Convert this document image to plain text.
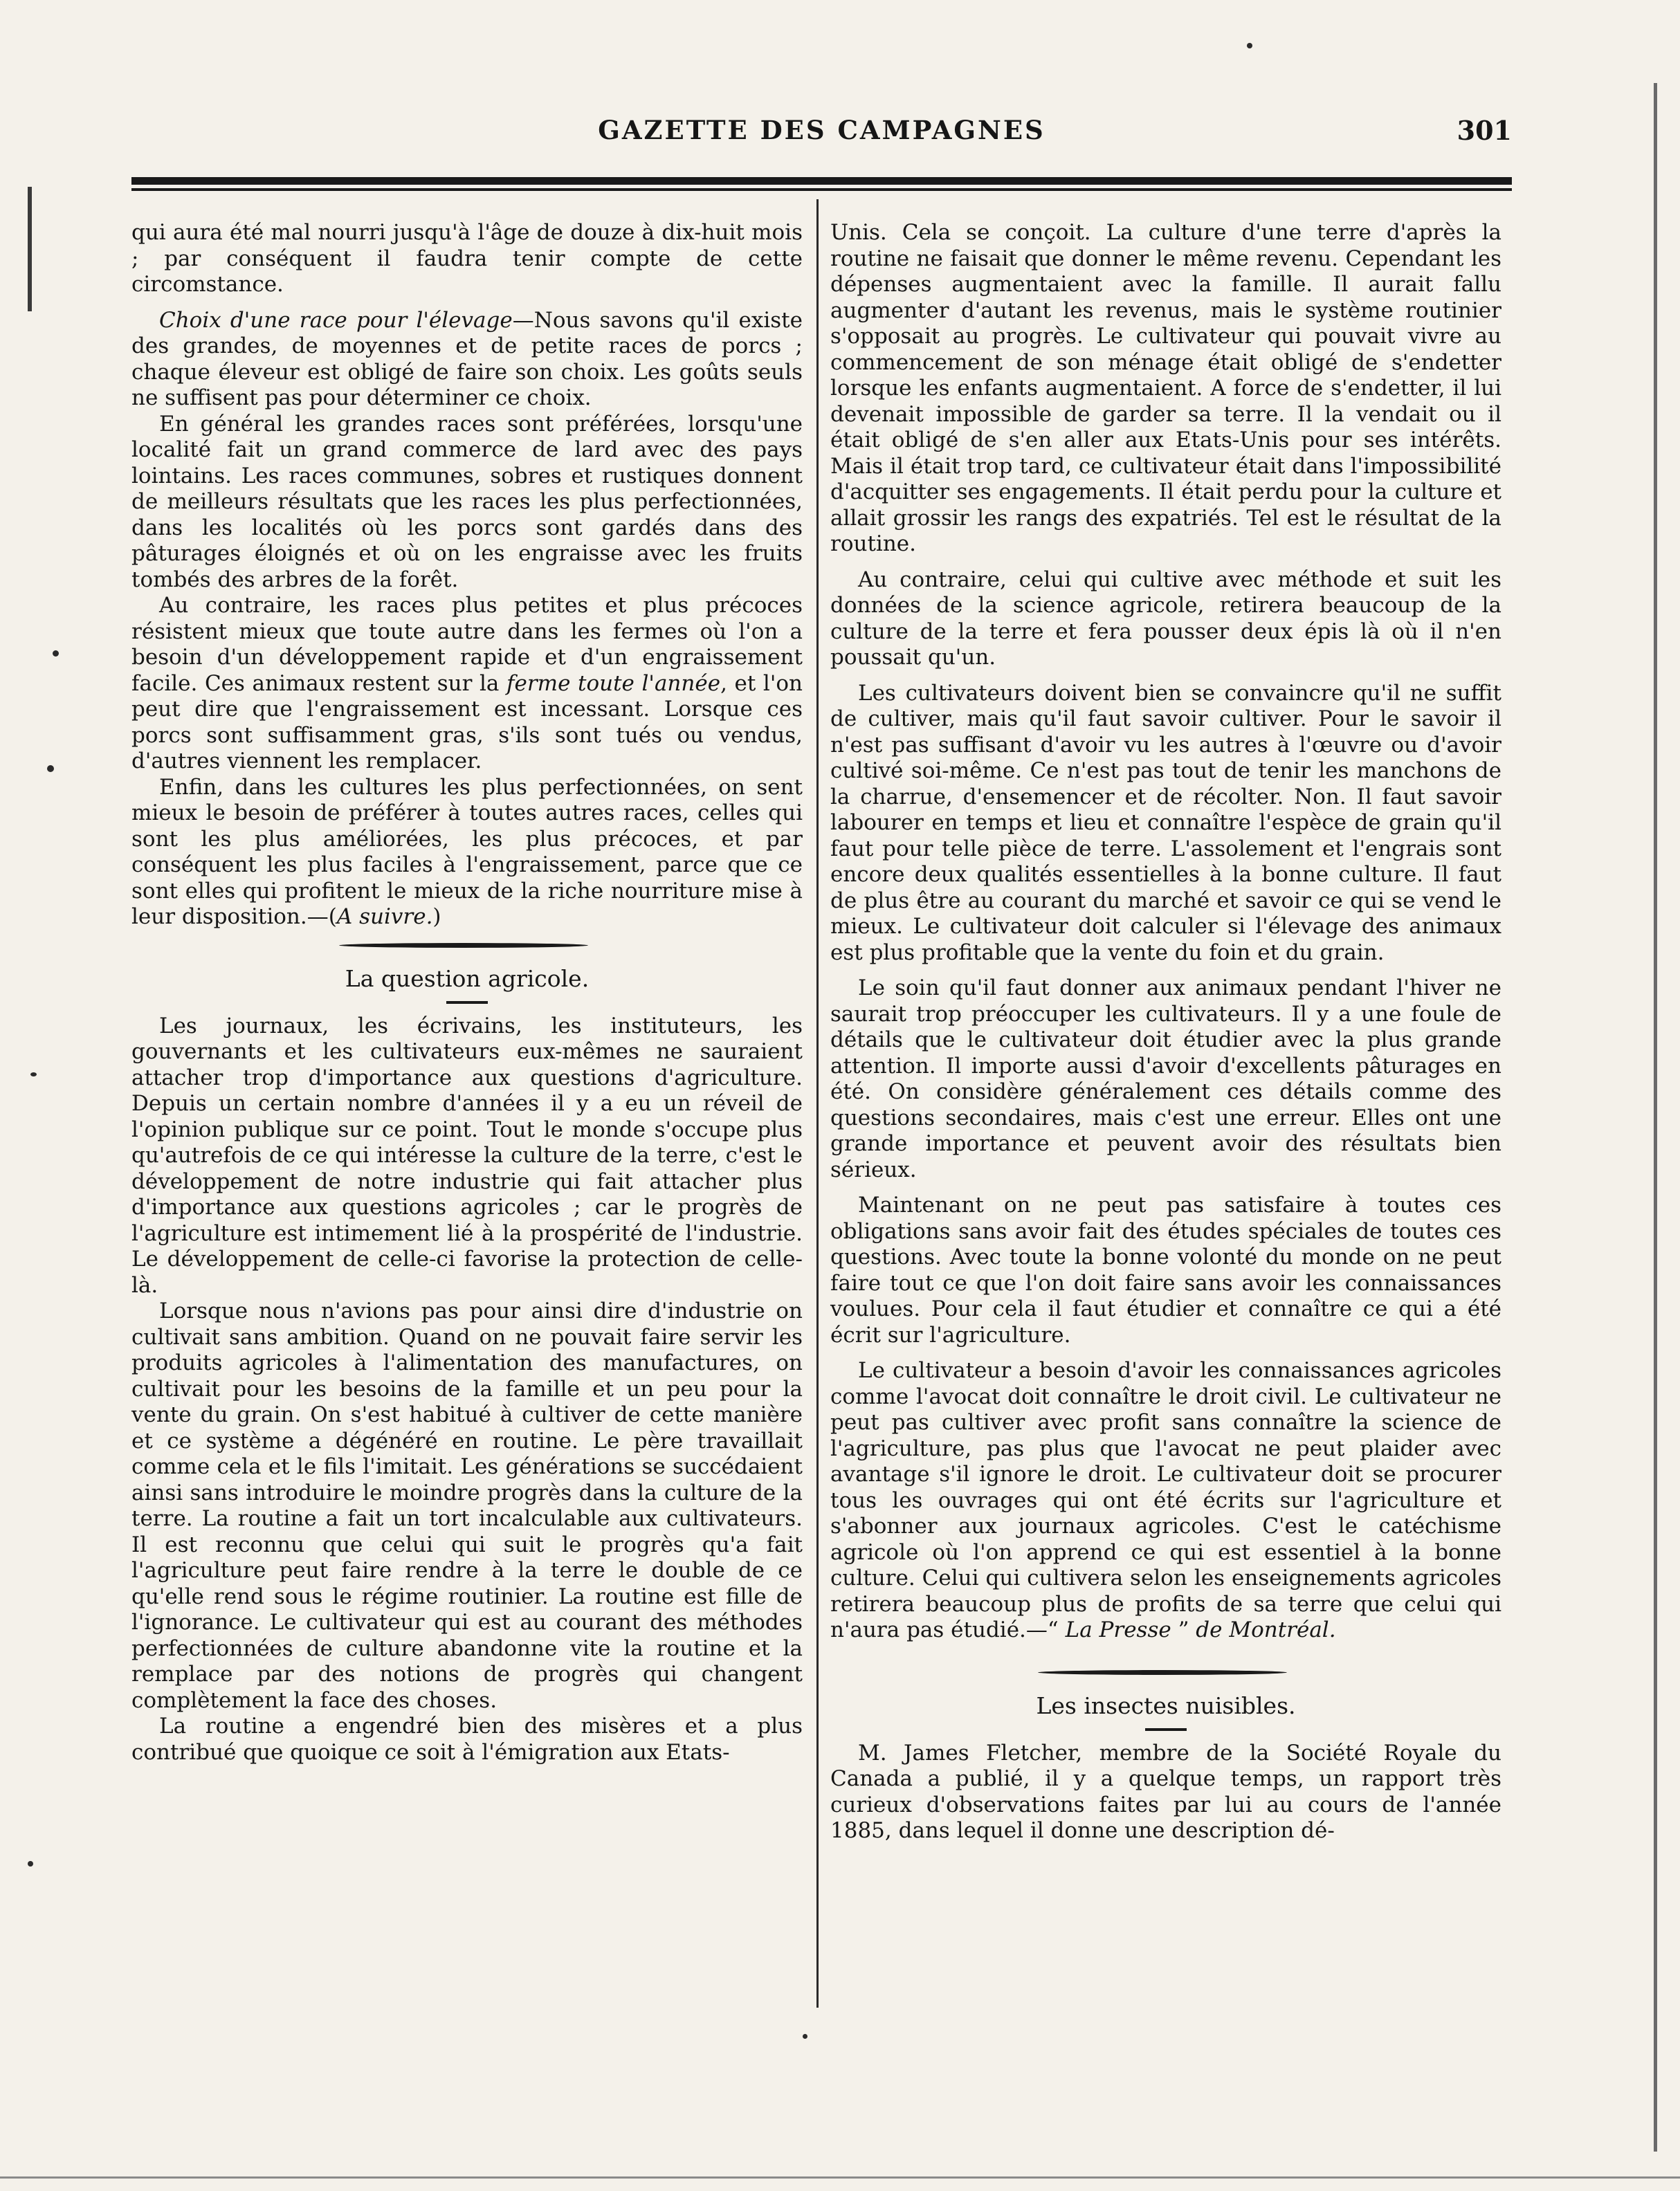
GAZETTE DES CAMPAGNES	301

qui aura été mal nourri jusqu'à l'âge de douze à dix-huit mois ; par conséquent il faudra tenir compte de cette circomstance.

Choix d'une race pour l'élevage—Nous savons qu'il existe des grandes, de moyennes et de petite races de porcs ; chaque éleveur est obligé de faire son choix. Les goûts seuls ne suffisent pas pour déterminer ce choix.

En général les grandes races sont préférées, lorsqu'une localité fait un grand commerce de lard avec des pays lointains. Les races communes, sobres et rustiques donnent de meilleurs résultats que les races les plus perfectionnées, dans les localités où les porcs sont gardés dans des pâturages éloignés et où on les engraisse avec les fruits tombés des arbres de la forêt.

Au contraire, les races plus petites et plus précoces résistent mieux que toute autre dans les fermes où l'on a besoin d'un développement rapide et d'un engraissement facile. Ces animaux restent sur la ferme toute l'année, et l'on peut dire que l'engraissement est incessant. Lorsque ces porcs sont suffisamment gras, s'ils sont tués ou vendus, d'autres viennent les remplacer.

Enfin, dans les cultures les plus perfectionnées, on sent mieux le besoin de préférer à toutes autres races, celles qui sont les plus améliorées, les plus précoces, et par conséquent les plus faciles à l'engraissement, parce que ce sont elles qui profitent le mieux de la riche nourriture mise à leur disposition.—(A suivre.)

La question agricole.

Les journaux, les écrivains, les instituteurs, les gouvernants et les cultivateurs eux-mêmes ne sauraient attacher trop d'importance aux questions d'agriculture. Depuis un certain nombre d'années il y a eu un réveil de l'opinion publique sur ce point. Tout le monde s'occupe plus qu'autrefois de ce qui intéresse la culture de la terre, c'est le développement de notre industrie qui fait attacher plus d'importance aux questions agricoles ; car le progrès de l'agriculture est intimement lié à la prospérité de l'industrie. Le développement de celle-ci favorise la protection de celle-là.

Lorsque nous n'avions pas pour ainsi dire d'industrie on cultivait sans ambition. Quand on ne pouvait faire servir les produits agricoles à l'alimentation des manufactures, on cultivait pour les besoins de la famille et un peu pour la vente du grain. On s'est habitué à cultiver de cette manière et ce système a dégénéré en routine. Le père travaillait comme cela et le fils l'imitait. Les générations se succédaient ainsi sans introduire le moindre progrès dans la culture de la terre. La routine a fait un tort incalculable aux cultivateurs. Il est reconnu que celui qui suit le progrès qu'a fait l'agriculture peut faire rendre à la terre le double de ce qu'elle rend sous le régime routinier. La routine est fille de l'ignorance. Le cultivateur qui est au courant des méthodes perfectionnées de culture abandonne vite la routine et la remplace par des notions de progrès qui changent complètement la face des choses.

La routine a engendré bien des misères et a plus contribué que quoique ce soit à l'émigration aux Etats-

Unis. Cela se conçoit. La culture d'une terre d'après la routine ne faisait que donner le même revenu. Cependant les dépenses augmentaient avec la famille. Il aurait fallu augmenter d'autant les revenus, mais le système routinier s'opposait au progrès. Le cultivateur qui pouvait vivre au commencement de son ménage était obligé de s'endetter lorsque les enfants augmentaient. A force de s'endetter, il lui devenait impossible de garder sa terre. Il la vendait ou il était obligé de s'en aller aux Etats-Unis pour ses intérêts. Mais il était trop tard, ce cultivateur était dans l'impossibilité d'acquitter ses engagements. Il était perdu pour la culture et allait grossir les rangs des expatriés. Tel est le résultat de la routine.

Au contraire, celui qui cultive avec méthode et suit les données de la science agricole, retirera beaucoup de la culture de la terre et fera pousser deux épis là où il n'en poussait qu'un.

Les cultivateurs doivent bien se convaincre qu'il ne suffit de cultiver, mais qu'il faut savoir cultiver. Pour le savoir il n'est pas suffisant d'avoir vu les autres à l'œuvre ou d'avoir cultivé soi-même. Ce n'est pas tout de tenir les manchons de la charrue, d'ensemencer et de récolter. Non. Il faut savoir labourer en temps et lieu et connaître l'espèce de grain qu'il faut pour telle pièce de terre. L'assolement et l'engrais sont encore deux qualités essentielles à la bonne culture. Il faut de plus être au courant du marché et savoir ce qui se vend le mieux. Le cultivateur doit calculer si l'élevage des animaux est plus profitable que la vente du foin et du grain.

Le soin qu'il faut donner aux animaux pendant l'hiver ne saurait trop préoccuper les cultivateurs. Il y a une foule de détails que le cultivateur doit étudier avec la plus grande attention. Il importe aussi d'avoir d'excellents pâturages en été. On considère généralement ces détails comme des questions secondaires, mais c'est une erreur. Elles ont une grande importance et peuvent avoir des résultats bien sérieux.

Maintenant on ne peut pas satisfaire à toutes ces obligations sans avoir fait des études spéciales de toutes ces questions. Avec toute la bonne volonté du monde on ne peut faire tout ce que l'on doit faire sans avoir les connaissances voulues. Pour cela il faut étudier et connaître ce qui a été écrit sur l'agriculture.

Le cultivateur a besoin d'avoir les connaissances agricoles comme l'avocat doit connaître le droit civil. Le cultivateur ne peut pas cultiver avec profit sans connaître la science de l'agriculture, pas plus que l'avocat ne peut plaider avec avantage s'il ignore le droit. Le cultivateur doit se procurer tous les ouvrages qui ont été écrits sur l'agriculture et s'abonner aux journaux agricoles. C'est le catéchisme agricole où l'on apprend ce qui est essentiel à la bonne culture. Celui qui cultivera selon les enseignements agricoles retirera beaucoup plus de profits de sa terre que celui qui n'aura pas étudié.—“ La Presse ” de Montréal.

Les insectes nuisibles.

M. James Fletcher, membre de la Société Royale du Canada a publié, il y a quelque temps, un rapport très curieux d'observations faites par lui au cours de l'année 1885, dans lequel il donne une description dé-
